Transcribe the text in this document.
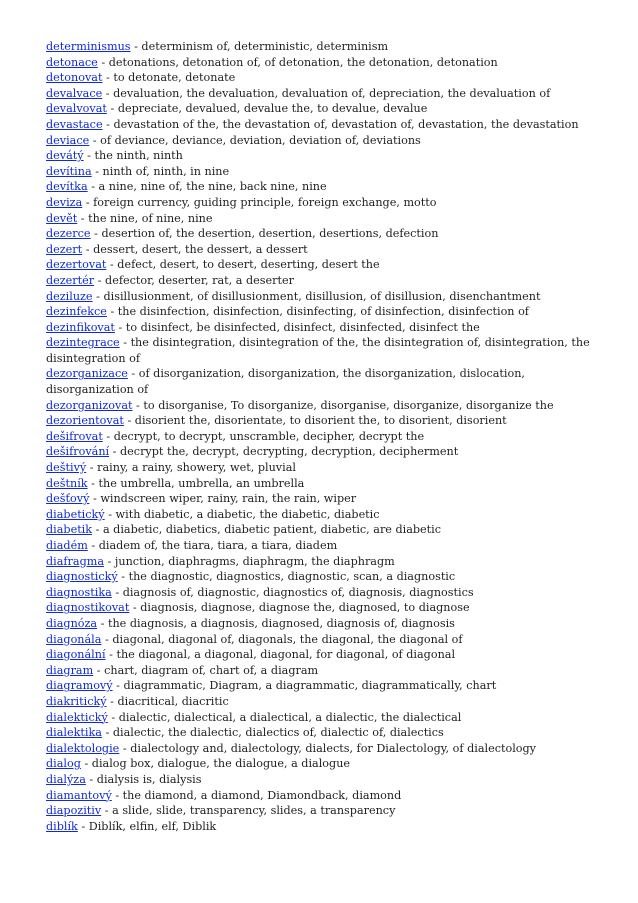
determinismus - determinism of, deterministic, determinism

detonace - detonations, detonation of, of detonation, the detonation, detonation

detonovat - to detonate, detonate

devalvace - devaluation, the devaluation, devaluation of, depreciation, the devaluation of

devalvovat - depreciate, devalued, devalue the, to devalue, devalue

devastace - devastation of the, the devastation of, devastation of, devastation, the devastation

deviace - of deviance, deviance, deviation, deviation of, deviations

devátý - the ninth, ninth

devítina - ninth of, ninth, in nine

devítka - a nine, nine of, the nine, back nine, nine

deviza - foreign currency, guiding principle, foreign exchange, motto

devět - the nine, of nine, nine

dezerce - desertion of, the desertion, desertion, desertions, defection

dezert - dessert, desert, the dessert, a dessert

dezertovat - defect, desert, to desert, deserting, desert the

dezertér - defector, deserter, rat, a deserter

deziluze - disillusionment, of disillusionment, disillusion, of disillusion, disenchantment

dezinfekce - the disinfection, disinfection, disinfecting, of disinfection, disinfection of

dezinfikovat - to disinfect, be disinfected, disinfect, disinfected, disinfect the

dezintegrace - the disintegration, disintegration of the, the disintegration of, disintegration, the disintegration of

dezorganizace - of disorganization, disorganization, the disorganization, dislocation, disorganization of

dezorganizovat - to disorganise, To disorganize, disorganise, disorganize, disorganize the

dezorientovat - disorient the, disorientate, to disorient the, to disorient, disorient

dešifrovat - decrypt, to decrypt, unscramble, decipher, decrypt the

dešifrování - decrypt the, decrypt, decrypting, decryption, decipherment

deštivý - rainy, a rainy, showery, wet, pluvial

deštník - the umbrella, umbrella, an umbrella

dešťový - windscreen wiper, rainy, rain, the rain, wiper

diabetický - with diabetic, a diabetic, the diabetic, diabetic

diabetik - a diabetic, diabetics, diabetic patient, diabetic, are diabetic

diadém - diadem of, the tiara, tiara, a tiara, diadem

diafragma - junction, diaphragms, diaphragm, the diaphragm

diagnostický - the diagnostic, diagnostics, diagnostic, scan, a diagnostic

diagnostika - diagnosis of, diagnostic, diagnostics of, diagnosis, diagnostics

diagnostikovat - diagnosis, diagnose, diagnose the, diagnosed, to diagnose

diagnóza - the diagnosis, a diagnosis, diagnosed, diagnosis of, diagnosis

diagonála - diagonal, diagonal of, diagonals, the diagonal, the diagonal of

diagonální - the diagonal, a diagonal, diagonal, for diagonal, of diagonal

diagram - chart, diagram of, chart of, a diagram

diagramový - diagrammatic, Diagram, a diagrammatic, diagrammatically, chart

diakritický - diacritical, diacritic

dialektický - dialectic, dialectical, a dialectical, a dialectic, the dialectical

dialektika - dialectic, the dialectic, dialectics of, dialectic of, dialectics

dialektologie - dialectology and, dialectology, dialects, for Dialectology, of dialectology

dialog - dialog box, dialogue, the dialogue, a dialogue

dialýza - dialysis is, dialysis

diamantový - the diamond, a diamond, Diamondback, diamond

diapozitiv - a slide, slide, transparency, slides, a transparency

diblík - Diblík, elfin, elf, Diblik
